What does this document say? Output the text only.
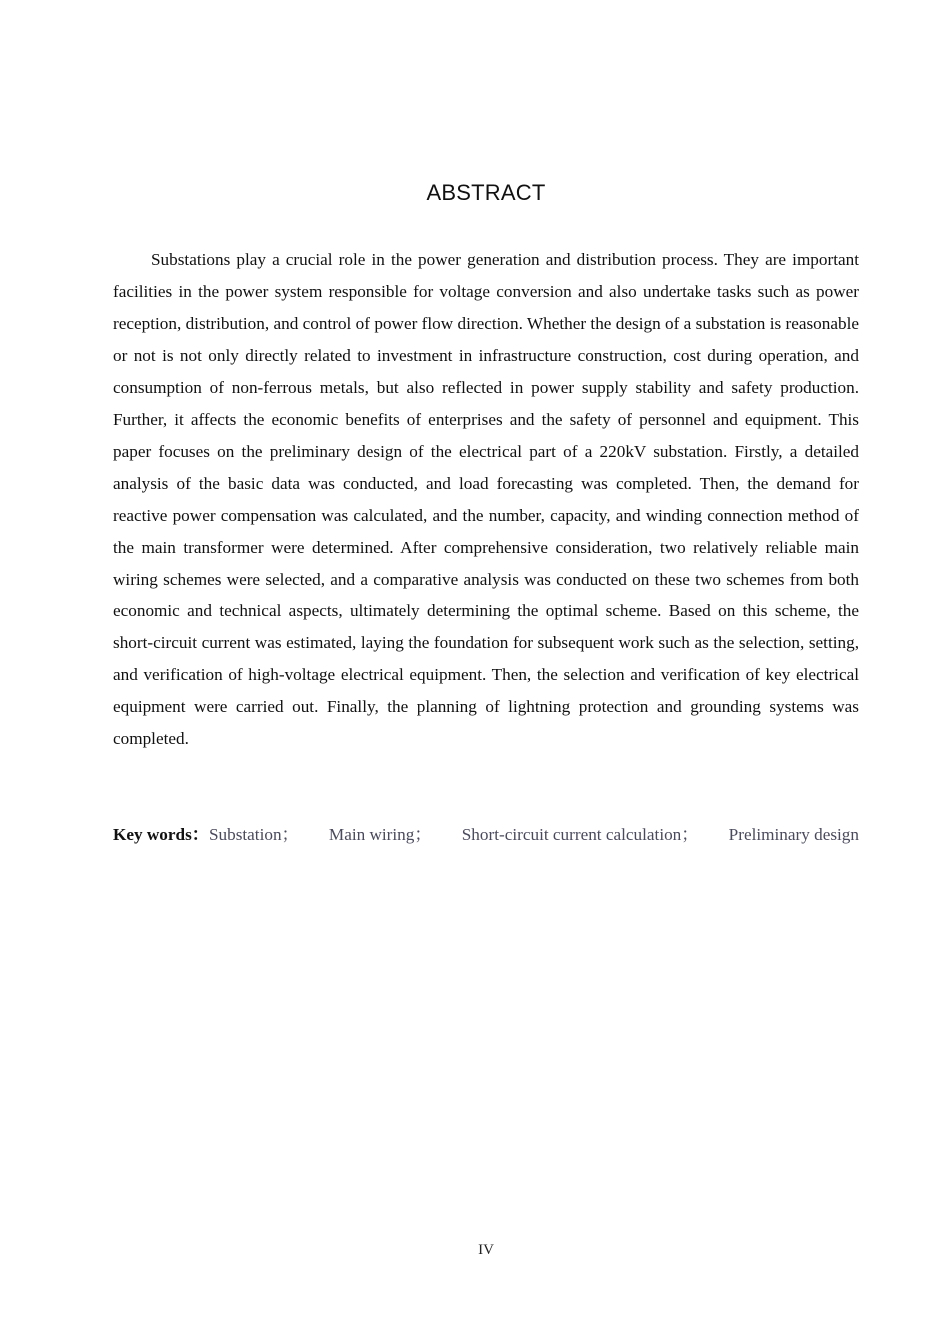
ABSTRACT

Substations play a crucial role in the power generation and distribution process. They are important facilities in the power system responsible for voltage conversion and also undertake tasks such as power reception, distribution, and control of power flow direction. Whether the design of a substation is reasonable or not is not only directly related to investment in infrastructure construction, cost during operation, and consumption of non-ferrous metals, but also reflected in power supply stability and safety production. Further, it affects the economic benefits of enterprises and the safety of personnel and equipment. This paper focuses on the preliminary design of the electrical part of a 220kV substation. Firstly, a detailed analysis of the basic data was conducted, and load forecasting was completed. Then, the demand for reactive power compensation was calculated, and the number, capacity, and winding connection method of the main transformer were determined. After comprehensive consideration, two relatively reliable main wiring schemes were selected, and a comparative analysis was conducted on these two schemes from both economic and technical aspects, ultimately determining the optimal scheme. Based on this scheme, the short-circuit current was estimated, laying the foundation for subsequent work such as the selection, setting, and verification of high-voltage electrical equipment. Then, the selection and verification of key electrical equipment were carried out. Finally, the planning of lightning protection and grounding systems was completed.

Key words：Substation； Main wiring； Short-circuit current calculation； Preliminary design
IV
